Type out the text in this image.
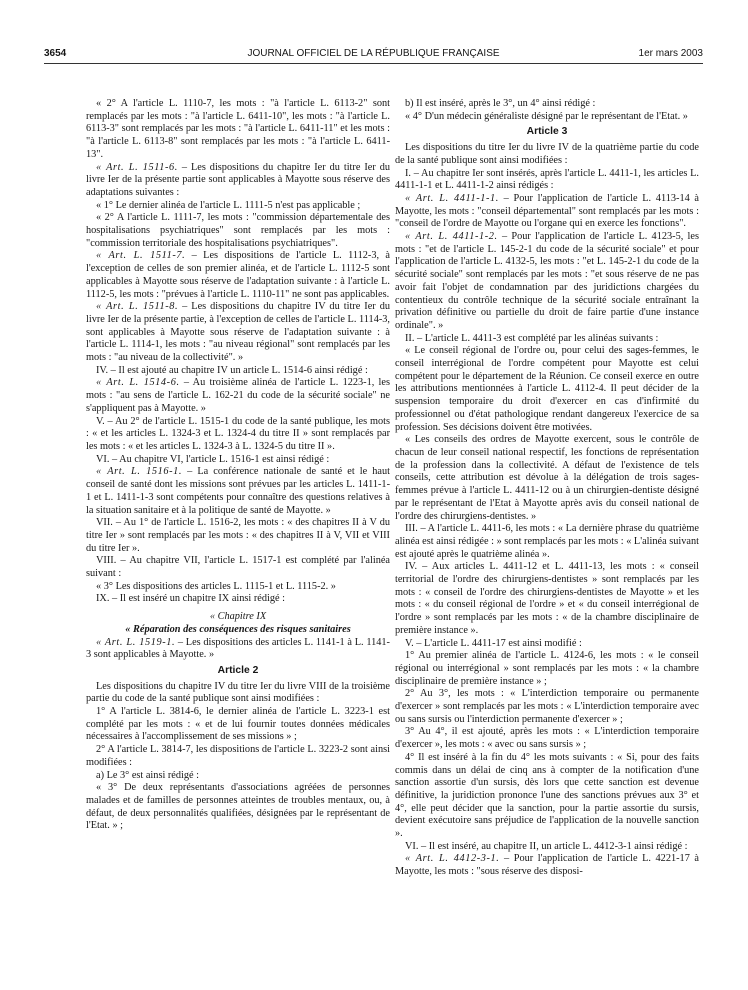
3654	JOURNAL OFFICIEL DE LA RÉPUBLIQUE FRANÇAISE	1er mars 2003

« 2° A l'article L. 1110-7, les mots : "à l'article L. 6113-2" sont remplacés par les mots : "à l'article L. 6411-10", les mots : "à l'article L. 6113-3" sont remplacés par les mots : "à l'article L. 6411-11" et les mots : "à l'article L. 6113-8" sont remplacés par les mots : "à l'article L. 6411-13".

« Art. L. 1511-6. – Les dispositions du chapitre Ier du titre Ier du livre Ier de la présente partie sont applicables à Mayotte sous réserve des adaptations suivantes :

« 1° Le dernier alinéa de l'article L. 1111-5 n'est pas applicable ;

« 2° A l'article L. 1111-7, les mots : "commission départementale des hospitalisations psychiatriques" sont remplacés par les mots : "commission territoriale des hospitalisations psychiatriques".

« Art. L. 1511-7. – Les dispositions de l'article L. 1112-3, à l'exception de celles de son premier alinéa, et de l'article L. 1112-5 sont applicables à Mayotte sous réserve de l'adaptation suivante : à l'article L. 1112-5, les mots : "prévues à l'article L. 1110-11" ne sont pas applicables.

« Art. L. 1511-8. – Les dispositions du chapitre IV du titre Ier du livre Ier de la présente partie, à l'exception de celles de l'article L. 1114-3, sont applicables à Mayotte sous réserve de l'adaptation suivante : à l'article L. 1114-1, les mots : "au niveau régional" sont remplacés par les mots : "au niveau de la collectivité". »

IV. – Il est ajouté au chapitre IV un article L. 1514-6 ainsi rédigé :

« Art. L. 1514-6. – Au troisième alinéa de l'article L. 1223-1, les mots : "au sens de l'article L. 162-21 du code de la sécurité sociale" ne s'appliquent pas à Mayotte. »

V. – Au 2° de l'article L. 1515-1 du code de la santé publique, les mots : « et les articles L. 1324-3 et L. 1324-4 du titre II » sont remplacés par les mots : « et les articles L. 1324-3 à L. 1324-5 du titre II ».

VI. – Au chapitre VI, l'article L. 1516-1 est ainsi rédigé :

« Art. L. 1516-1. – La conférence nationale de santé et le haut conseil de santé dont les missions sont prévues par les articles L. 1411-1-1 et L. 1411-1-3 sont compétents pour connaître des questions relatives à la situation sanitaire et à la politique de santé de Mayotte. »

VII. – Au 1° de l'article L. 1516-2, les mots : « des chapitres II à V du titre Ier » sont remplacés par les mots : « des chapitres II à V, VII et VIII du titre Ier ».

VIII. – Au chapitre VII, l'article L. 1517-1 est complété par l'alinéa suivant :

« 3° Les dispositions des articles L. 1115-1 et L. 1115-2. »

IX. – Il est inséré un chapitre IX ainsi rédigé :

« Chapitre IX

« Réparation des conséquences des risques sanitaires

« Art. L. 1519-1. – Les dispositions des articles L. 1141-1 à L. 1141-3 sont applicables à Mayotte. »

Article 2

Les dispositions du chapitre IV du titre Ier du livre VIII de la troisième partie du code de la santé publique sont ainsi modifiées :

1° A l'article L. 3814-6, le dernier alinéa de l'article L. 3223-1 est complété par les mots : « et de lui fournir toutes données médicales nécessaires à l'accomplissement de ses missions » ;

2° A l'article L. 3814-7, les dispositions de l'article L. 3223-2 sont ainsi modifiées :

a) Le 3° est ainsi rédigé :

« 3° De deux représentants d'associations agréées de personnes malades et de familles de personnes atteintes de troubles mentaux, ou, à défaut, de deux personnalités qualifiées, désignées par le représentant de l'Etat. » ;

b) Il est inséré, après le 3°, un 4° ainsi rédigé :

« 4° D'un médecin généraliste désigné par le représentant de l'Etat. »

Article 3

Les dispositions du titre Ier du livre IV de la quatrième partie du code de la santé publique sont ainsi modifiées :

I. – Au chapitre Ier sont insérés, après l'article L. 4411-1, les articles L. 4411-1-1 et L. 4411-1-2 ainsi rédigés :

« Art. L. 4411-1-1. – Pour l'application de l'article L. 4113-14 à Mayotte, les mots : "conseil départemental" sont remplacés par les mots : "conseil de l'ordre de Mayotte ou l'organe qui en exerce les fonctions".

« Art. L. 4411-1-2. – Pour l'application de l'article L. 4123-5, les mots : "et de l'article L. 145-2-1 du code de la sécurité sociale" et pour l'application de l'article L. 4132-5, les mots : "et L. 145-2-1 du code de la sécurité sociale" sont remplacés par les mots : "et sous réserve de ne pas avoir fait l'objet de condamnation par des juridictions chargées du contentieux du contrôle technique de la sécurité sociale entraînant la privation définitive ou partielle du droit de faire partie d'une instance ordinale". »

II. – L'article L. 4411-3 est complété par les alinéas suivants :

« Le conseil régional de l'ordre ou, pour celui des sages-femmes, le conseil interrégional de l'ordre compétent pour Mayotte est celui compétent pour le département de la Réunion. Ce conseil exerce en outre les attributions mentionnées à l'article L. 4112-4. Il peut décider de la suspension temporaire du droit d'exercer en cas d'infirmité du professionnel ou d'état pathologique rendant dangereux l'exercice de sa profession. Ses décisions doivent être motivées.

« Les conseils des ordres de Mayotte exercent, sous le contrôle de chacun de leur conseil national respectif, les fonctions de représentation de la profession dans la collectivité. A défaut de l'existence de tels conseils, cette attribution est dévolue à la délégation de trois sages-femmes prévue à l'article L. 4411-12 ou à un chirurgien-dentiste désigné par le représentant de l'Etat à Mayotte après avis du conseil national de l'ordre des chirurgiens-dentistes. »

III. – A l'article L. 4411-6, les mots : « La dernière phrase du quatrième alinéa est ainsi rédigée : » sont remplacés par les mots : « L'alinéa suivant est ajouté après le quatrième alinéa ».

IV. – Aux articles L. 4411-12 et L. 4411-13, les mots : « conseil territorial de l'ordre des chirurgiens-dentistes » sont remplacés par les mots : « conseil de l'ordre des chirurgiens-dentistes de Mayotte » et les mots : « du conseil régional de l'ordre » et « du conseil interrégional de l'ordre » sont remplacés par les mots : « de la chambre disciplinaire de première instance ».

V. – L'article L. 4411-17 est ainsi modifié :

1° Au premier alinéa de l'article L. 4124-6, les mots : « le conseil régional ou interrégional » sont remplacés par les mots : « la chambre disciplinaire de première instance » ;

2° Au 3°, les mots : « L'interdiction temporaire ou permanente d'exercer » sont remplacés par les mots : « L'interdiction temporaire avec ou sans sursis ou l'interdiction permanente d'exercer » ;

3° Au 4°, il est ajouté, après les mots : « L'interdiction temporaire d'exercer », les mots : « avec ou sans sursis » ;

4° Il est inséré à la fin du 4° les mots suivants : « Si, pour des faits commis dans un délai de cinq ans à compter de la notification d'une sanction assortie d'un sursis, dès lors que cette sanction est devenue définitive, la juridiction prononce l'une des sanctions prévues aux 3° et 4°, elle peut décider que la sanction, pour la partie assortie du sursis, devient exécutoire sans préjudice de l'application de la nouvelle sanction ».

VI. – Il est inséré, au chapitre II, un article L. 4412-3-1 ainsi rédigé :

« Art. L. 4412-3-1. – Pour l'application de l'article L. 4221-17 à Mayotte, les mots : "sous réserve des disposi-
